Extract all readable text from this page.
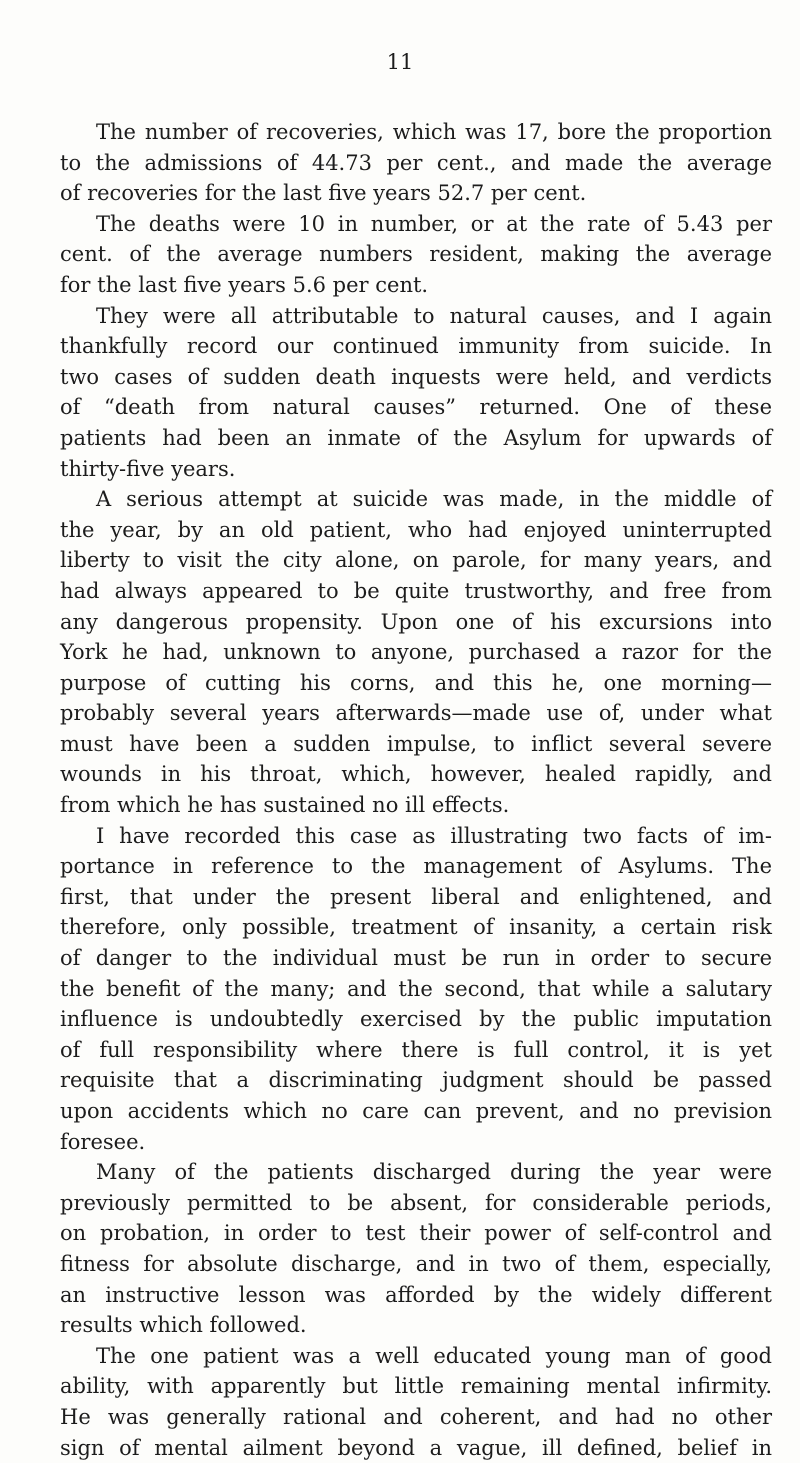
11
The number of recoveries, which was 17, bore the proportion
to the admissions of 44.73 per cent., and made the average
of recoveries for the last five years 52.7 per cent.
The deaths were 10 in number, or at the rate of 5.43 per
cent. of the average numbers resident, making the average
for the last five years 5.6 per cent.
They were all attributable to natural causes, and I again
thankfully record our continued immunity from suicide. In
two cases of sudden death inquests were held, and verdicts
of “death from natural causes” returned. One of these
patients had been an inmate of the Asylum for upwards of
thirty-five years.
A serious attempt at suicide was made, in the middle of
the year, by an old patient, who had enjoyed uninterrupted
liberty to visit the city alone, on parole, for many years, and
had always appeared to be quite trustworthy, and free from
any dangerous propensity. Upon one of his excursions into
York he had, unknown to anyone, purchased a razor for the
purpose of cutting his corns, and this he, one morning—
probably several years afterwards—made use of, under what
must have been a sudden impulse, to inflict several severe
wounds in his throat, which, however, healed rapidly, and
from which he has sustained no ill effects.
I have recorded this case as illustrating two facts of im-
portance in reference to the management of Asylums. The
first, that under the present liberal and enlightened, and
therefore, only possible, treatment of insanity, a certain risk
of danger to the individual must be run in order to secure
the benefit of the many; and the second, that while a salutary
influence is undoubtedly exercised by the public imputation
of full responsibility where there is full control, it is yet
requisite that a discriminating judgment should be passed
upon accidents which no care can prevent, and no prevision
foresee.
Many of the patients discharged during the year were
previously permitted to be absent, for considerable periods,
on probation, in order to test their power of self-control and
fitness for absolute discharge, and in two of them, especially,
an instructive lesson was afforded by the widely different
results which followed.
The one patient was a well educated young man of good
ability, with apparently but little remaining mental infirmity.
He was generally rational and coherent, and had no other
sign of mental ailment beyond a vague, ill defined, belief in
